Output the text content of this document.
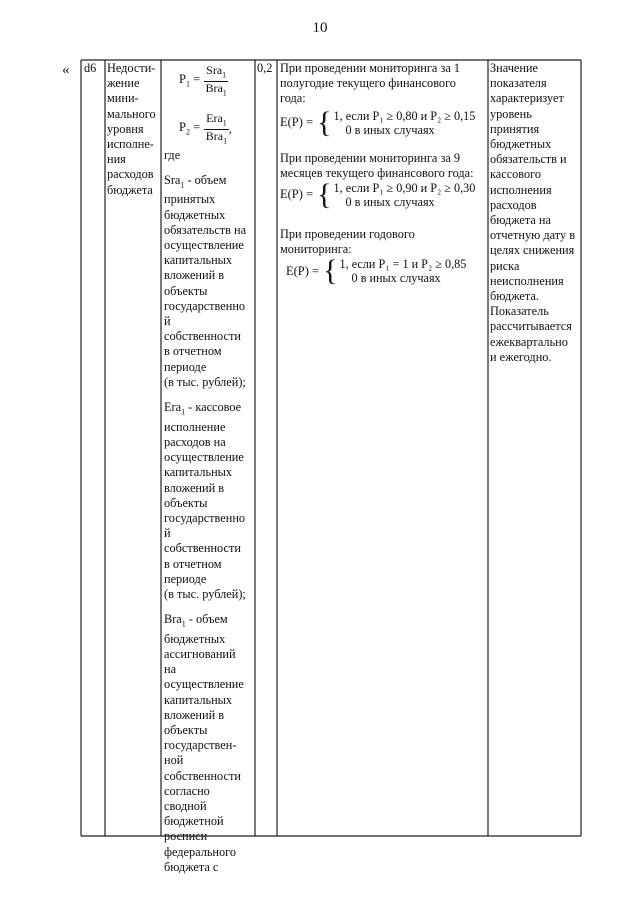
10
« d6 Недости-
жение
мини-
мального
уровня
исполне-
ния
расходов
бюджета
$P_1 = \frac{Sra_1}{Bra_1}$
$P_2 = \frac{Era_1}{Bra_1}$ ,
где
Sra$_1$ - объем
принятых
бюджетных
обязательств на
осуществление
капитальных
вложений в
объекты
государственно
й
собственности
в отчетном
периоде
(в тыс. рублей);
Era$_1$ - кассовое
исполнение
расходов на
осуществление
капитальных
вложений в
объекты
государственно
й
собственности
в отчетном
периоде
(в тыс. рублей);
Bra$_1$ - объем
бюджетных
ассигнований
на
осуществление
капитальных
вложений в
объекты
государствен-
ной
собственности
согласно
сводной
бюджетной
росписи
федерального
бюджета с
0,2 При проведении мониторинга за 1
полугодие текущего финансового
года:
E(P) = { 1, если P₁ ≥ 0,80 и P₂ ≥ 0,15
0 в иных случаях
При проведении мониторинга за 9
месяцев текущего финансового года:
E(P) = { 1, если P₁ ≥ 0,90 и P₂ ≥ 0,30
0 в иных случаях
При проведении годового
мониторинга:
E(P) = { 1, если P₁ = 1 и P₂ ≥ 0,85
0 в иных случаях
Значение
показателя
характеризует
уровень
принятия
бюджетных
обязательств и
кассового
исполнения
расходов
бюджета на
отчетную дату в
целях снижения
риска
неисполнения
бюджета.
Показатель
рассчитывается
ежеквартально
и ежегодно.
